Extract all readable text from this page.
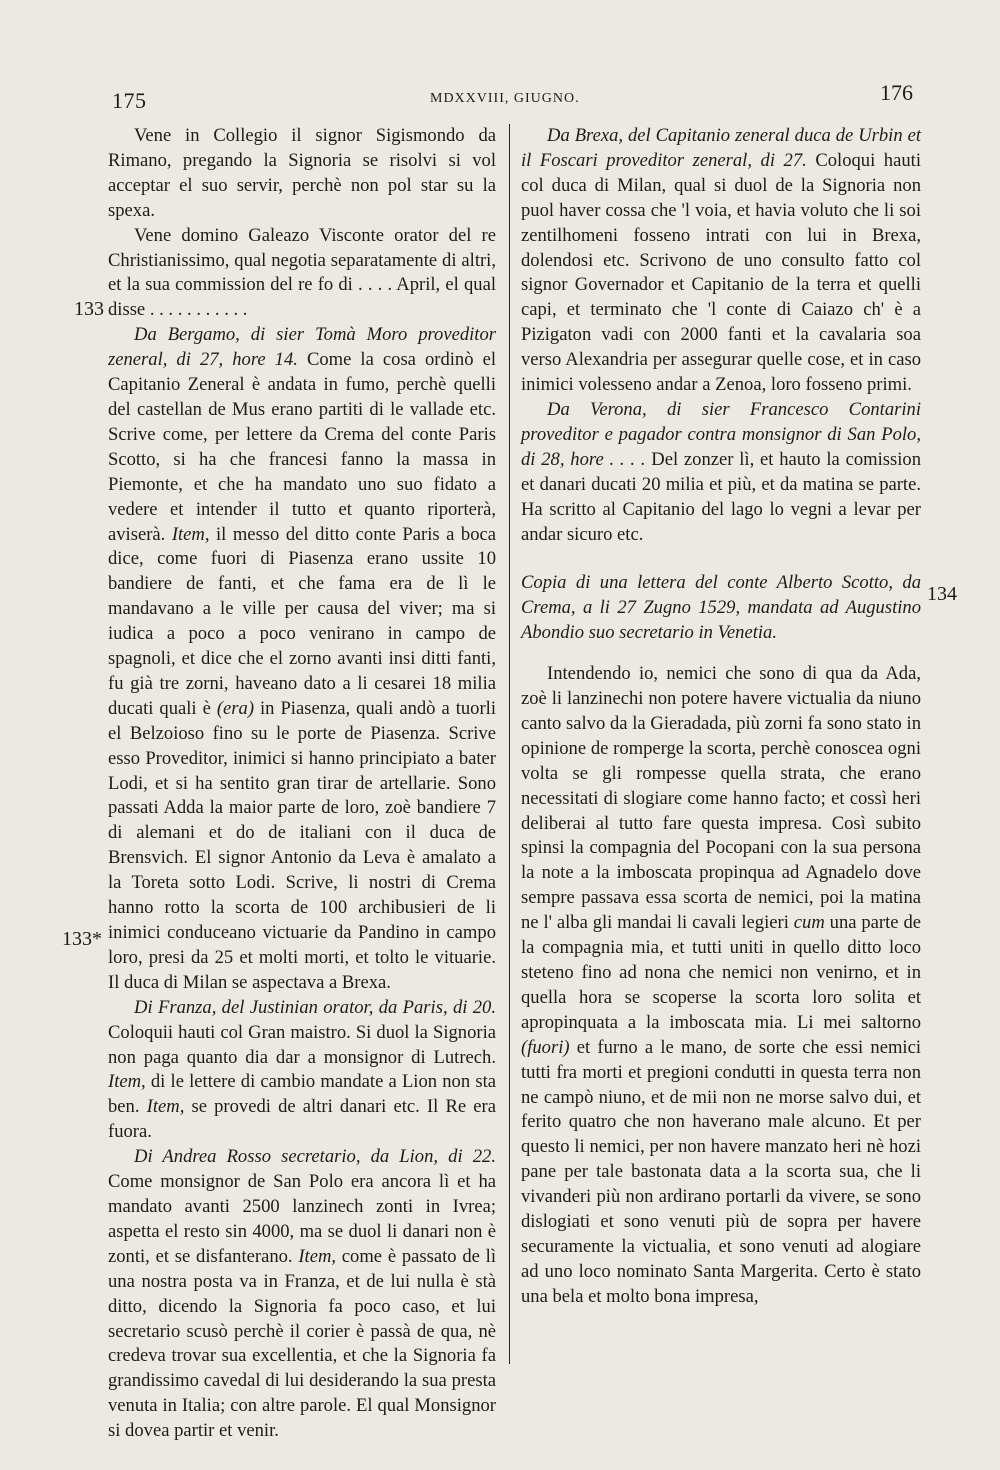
175	MDXXVIII, GIUGNO.	176
133
133*
134

Vene in Collegio il signor Sigismondo da Rimano, pregando la Signoria se risolvi si vol acceptar el suo servir, perchè non pol star su la spexa.

Vene domino Galeazo Visconte orator del re Christianissimo, qual negotia separatamente di altri, et la sua commission del re fo di . . . . April, el qual disse . . . . . . . . . . .

Da Bergamo, di sier Tomà Moro proveditor zeneral, di 27, hore 14. Come la cosa ordinò el Capitanio Zeneral è andata in fumo, perchè quelli del castellan de Mus erano partiti di le vallade etc. Scrive come, per lettere da Crema del conte Paris Scotto, si ha che francesi fanno la massa in Piemonte, et che ha mandato uno suo fidato a vedere et intender il tutto et quanto riporterà, aviserà. Item, il messo del ditto conte Paris a boca dice, come fuori di Piasenza erano ussite 10 bandiere de fanti, et che fama era de lì le mandavano a le ville per causa del viver; ma si iudica a poco a poco venirano in campo de spagnoli, et dice che el zorno avanti insi ditti fanti, fu già tre zorni, haveano dato a li cesarei 18 milia ducati quali è (era) in Piasenza, quali andò a tuorli el Belzoioso fino su le porte de Piasenza. Scrive esso Proveditor, inimici si hanno principiato a bater Lodi, et si ha sentito gran tirar de artellarie. Sono passati Adda la maior parte de loro, zoè bandiere 7 di alemani et do de italiani con il duca de Brensvich. El signor Antonio da Leva è amalato a la Toreta sotto Lodi. Scrive, li nostri di Crema hanno rotto la scorta de 100 archibusieri de li inimici conduceano victuarie da Pandino in campo loro, presi da 25 et molti morti, et tolto le vituarie. Il duca di Milan se aspectava a Brexa.

Di Franza, del Justinian orator, da Paris, di 20. Coloquii hauti col Gran maistro. Si duol la Signoria non paga quanto dia dar a monsignor di Lutrech. Item, di le lettere di cambio mandate a Lion non sta ben. Item, se provedi de altri danari etc. Il Re era fuora.

Di Andrea Rosso secretario, da Lion, di 22. Come monsignor de San Polo era ancora lì et ha mandato avanti 2500 lanzinech zonti in Ivrea; aspetta el resto sin 4000, ma se duol li danari non è zonti, et se disfanterano. Item, come è passato de lì una nostra posta va in Franza, et de lui nulla è stà ditto, dicendo la Signoria fa poco caso, et lui secretario scusò perchè il corier è passà de qua, nè credeva trovar sua excellentia, et che la Signoria fa grandissimo cavedal di lui desiderando la sua presta venuta in Italia; con altre parole. El qual Monsignor si dovea partir et venir.

Da Brexa, del Capitanio zeneral duca de Urbin et il Foscari proveditor zeneral, di 27. Coloqui hauti col duca di Milan, qual si duol de la Signoria non puol haver cossa che 'l voia, et havia voluto che li soi zentilhomeni fosseno intrati con lui in Brexa, dolendosi etc. Scrivono de uno consulto fatto col signor Governador et Capitanio de la terra et quelli capi, et terminato che 'l conte di Caiazo ch' è a Pizigaton vadi con 2000 fanti et la cavalaria soa verso Alexandria per assegurar quelle cose, et in caso inimici volesseno andar a Zenoa, loro fosseno primi.

Da Verona, di sier Francesco Contarini proveditor e pagador contra monsignor di San Polo, di 28, hore . . . . Del zonzer lì, et hauto la comission et danari ducati 20 milia et più, et da matina se parte. Ha scritto al Capitanio del lago lo vegni a levar per andar sicuro etc.

Copia di una lettera del conte Alberto Scotto, da Crema, a li 27 Zugno 1529, mandata ad Augustino Abondio suo secretario in Venetia.

Intendendo io, nemici che sono di qua da Ada, zoè li lanzinechi non potere havere victualia da niuno canto salvo da la Gieradada, più zorni fa sono stato in opinione de romperge la scorta, perchè conoscea ogni volta se gli rompesse quella strata, che erano necessitati di slogiare come hanno facto; et cossì heri deliberai al tutto fare questa impresa. Così subito spinsi la compagnia del Pocopani con la sua persona la note a la imboscata propinqua ad Agnadelo dove sempre passava essa scorta de nemici, poi la matina ne l' alba gli mandai li cavali legieri cum una parte de la compagnia mia, et tutti uniti in quello ditto loco steteno fino ad nona che nemici non venirno, et in quella hora se scoperse la scorta loro solita et apropinquata a la imboscata mia. Li mei saltorno (fuori) et furno a le mano, de sorte che essi nemici tutti fra morti et pregioni condutti in questa terra non ne campò niuno, et de mii non ne morse salvo dui, et ferito quatro che non haverano male alcuno. Et per questo li nemici, per non havere manzato heri nè hozi pane per tale bastonata data a la scorta sua, che li vivanderi più non ardirano portarli da vivere, se sono dislogiati et sono venuti più de sopra per havere securamente la victualia, et sono venuti ad alogiare ad uno loco nominato Santa Margerita. Certo è stato una bela et molto bona impresa,
